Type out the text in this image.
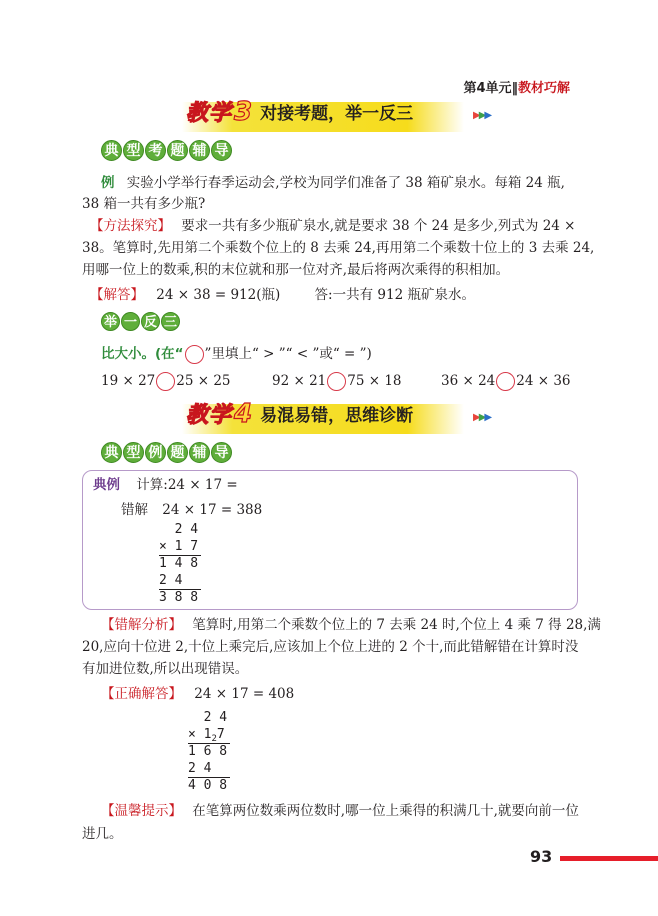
第4单元‖教材巧解
教学 3 对接考题，举一反三	▶▶▶
典 型 考 题 辅 导
例 实验小学举行春季运动会,学校为同学们准备了 38 箱矿泉水。每箱 24 瓶,
38 箱一共有多少瓶?
【方法探究】 要求一共有多少瓶矿泉水,就是要求 38 个 24 是多少,列式为 24 ×
38。笔算时,先用第二个乘数个位上的 8 去乘 24,再用第二个乘数十位上的 3 去乘 24,
用哪一位上的数乘,积的末位就和那一位对齐,最后将两次乘得的积相加。
【解答】 24 × 38 = 912(瓶)	答:一共有 912 瓶矿泉水。
举 一 反 三
比大小。(在“ ”里填上“ > ”“ < ”或“ = ”)
19 × 27 25 × 25	92 × 21 75 × 18	36 × 24 24 × 36
教学 4 易混易错，思维诊断	▶▶▶
典 型 例 题 辅 导
典例 计算:24 × 17 =
错解 24 × 17 = 388
2 4
× 1 7
1 4 8
2 4
3 8 8
【错解分析】 笔算时,用第二个乘数个位上的 7 去乘 24 时,个位上 4 乘 7 得 28,满
20,应向十位进 2,十位上乘完后,应该加上个位上进的 2 个十,而此错解错在计算时没
有加进位数,所以出现错误。
【正确解答】 24 × 17 = 408
2 4
× $1_27$
1 6 8
2 4
4 0 8
【温馨提示】 在笔算两位数乘两位数时,哪一位上乘得的积满几十,就要向前一位
进几。
93
